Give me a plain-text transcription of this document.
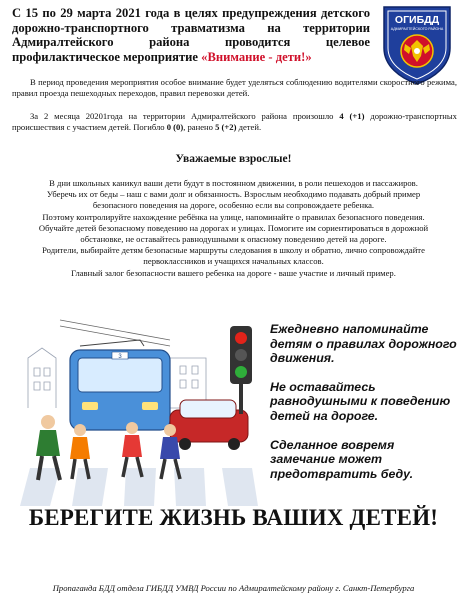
С 15 по 29 марта 2021 года в целях предупреждения детского дорожно-транспортного травматизма на территории Адмиралтейского района проводится целевое профилактическое мероприятие «Внимание - дети!»

ОГИБДД
АДМИРАЛТЕЙСКОГО РАЙОНА

В период проведения мероприятия особое внимание будет уделяться соблюдению водителями скоростного режима, правил проезда пешеходных переходов, правил перевозки детей.

За 2 месяца 20201года на территории Адмиралтейского района произошло 4 (+1) дорожно-транспортных происшествия с участием детей. Погибло 0 (0), ранено 5 (+2) детей.

Уважаемые взрослые!

В дни школьных каникул ваши дети будут в постоянном движении, в роли пешеходов и пассажиров.
Уберечь их от беды – наш с вами долг и обязанность. Взрослым необходимо подавать добрый пример
безопасного поведения на дороге, особенно если вы сопровождаете ребенка.
Поэтому контролируйте нахождение ребёнка на улице, напоминайте о правилах безопасного поведения.
Обучайте детей безопасному поведению на дорогах и улицах. Помогите им сориентироваться в дорожной
обстановке, не оставайтесь равнодушными к опасному поведению детей на дороге.
Родители, выбирайте детям безопасные маршруты следования в школу и обратно, лично сопровождайте
первоклассников и учащихся начальных классов.
Главный залог безопасности вашего ребенка на дороге - ваше участие и личный пример.
3

Ежедневно напоминайте детям о правилах дорожного движения.

Не оставайтесь равнодушными к поведению детей на дороге.

Сделанное вовремя замечание может предотвратить беду.

БЕРЕГИТЕ ЖИЗНЬ ВАШИХ ДЕТЕЙ!

Пропаганда БДД отдела ГИБДД УМВД России по Адмиралтейскому району г. Санкт-Петербурга
